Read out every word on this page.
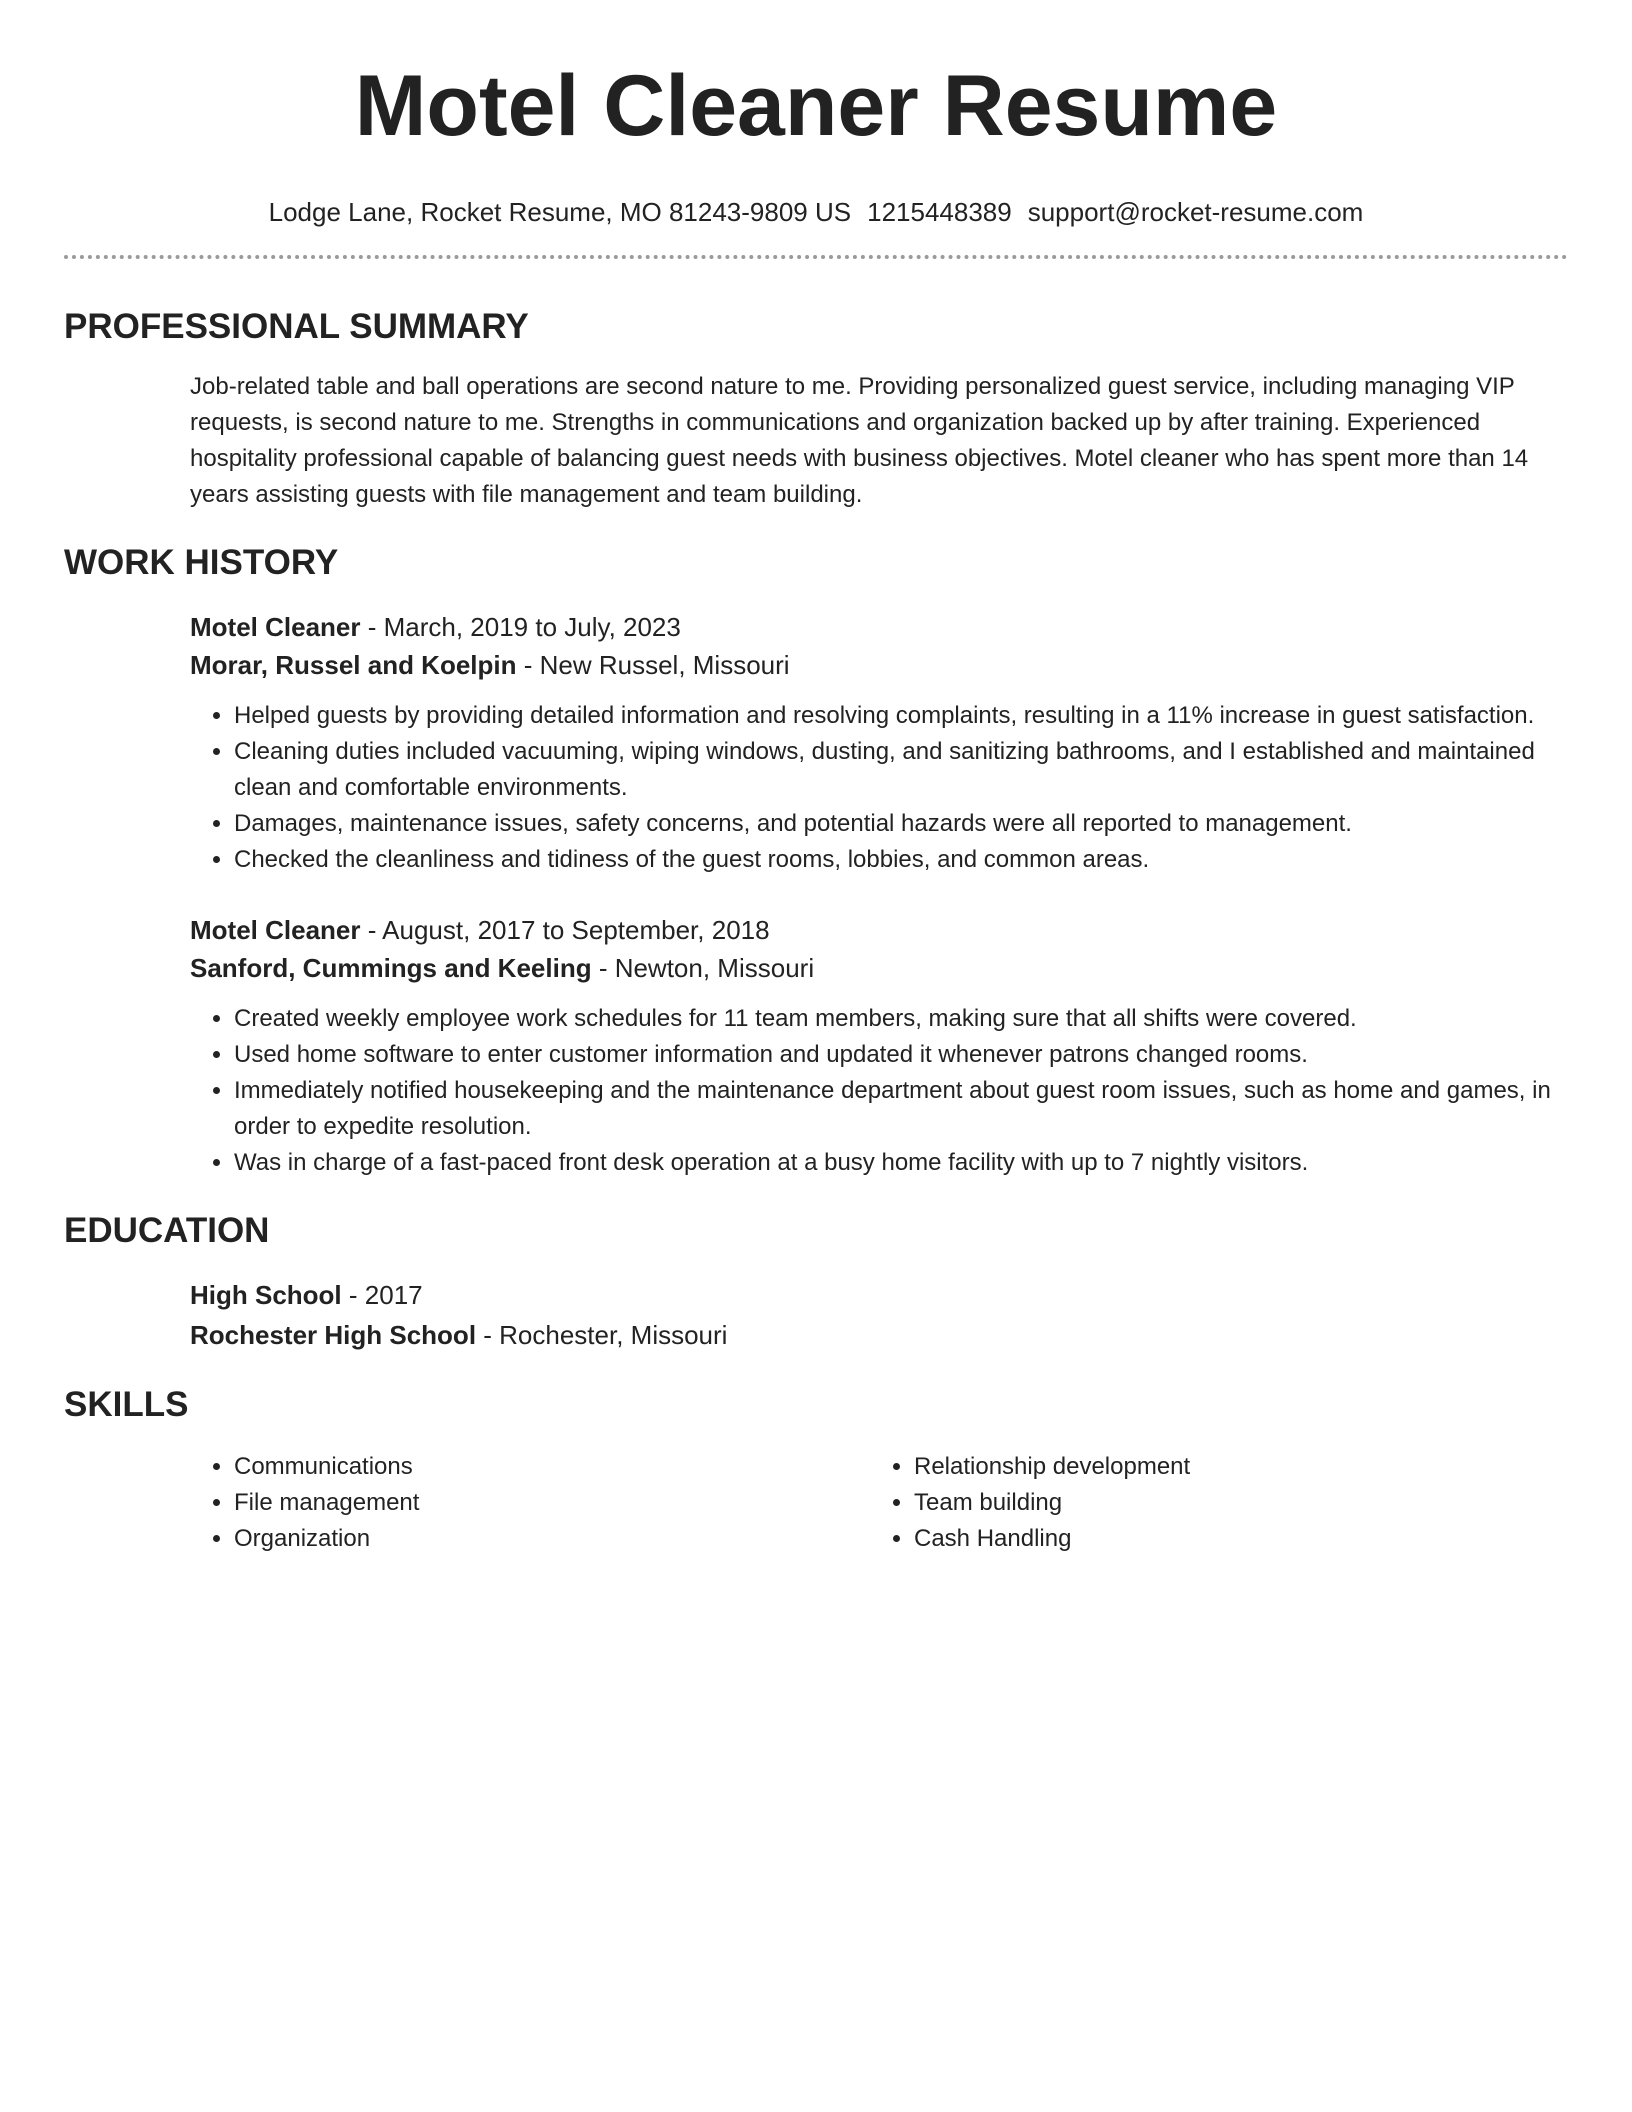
Motel Cleaner Resume
Lodge Lane, Rocket Resume, MO 81243-9809 US 1215448389 support@rocket-resume.com
PROFESSIONAL SUMMARY
Job-related table and ball operations are second nature to me. Providing personalized guest service, including managing VIP requests, is second nature to me. Strengths in communications and organization backed up by after training. Experienced hospitality professional capable of balancing guest needs with business objectives. Motel cleaner who has spent more than 14 years assisting guests with file management and team building.
WORK HISTORY
Motel Cleaner - March, 2019 to July, 2023
Morar, Russel and Koelpin - New Russel, Missouri
• Helped guests by providing detailed information and resolving complaints, resulting in a 11% increase in guest satisfaction.
• Cleaning duties included vacuuming, wiping windows, dusting, and sanitizing bathrooms, and I established and maintained clean and comfortable environments.
• Damages, maintenance issues, safety concerns, and potential hazards were all reported to management.
• Checked the cleanliness and tidiness of the guest rooms, lobbies, and common areas.
Motel Cleaner - August, 2017 to September, 2018
Sanford, Cummings and Keeling - Newton, Missouri
• Created weekly employee work schedules for 11 team members, making sure that all shifts were covered.
• Used home software to enter customer information and updated it whenever patrons changed rooms.
• Immediately notified housekeeping and the maintenance department about guest room issues, such as home and games, in order to expedite resolution.
• Was in charge of a fast-paced front desk operation at a busy home facility with up to 7 nightly visitors.
EDUCATION
High School - 2017
Rochester High School - Rochester, Missouri
SKILLS
• Communications
• File management
• Organization
• Relationship development
• Team building
• Cash Handling
